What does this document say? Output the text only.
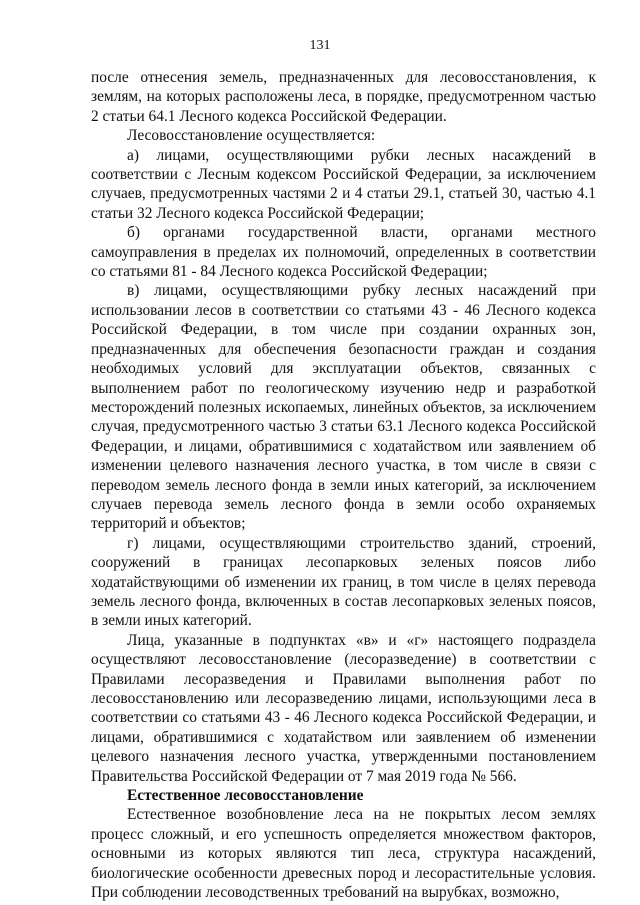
131

после отнесения земель, предназначенных для лесовосстановления, к землям, на которых расположены леса, в порядке, предусмотренном частью 2 статьи 64.1 Лесного кодекса Российской Федерации.

Лесовосстановление осуществляется:

а) лицами, осуществляющими рубки лесных насаждений в соответствии с Лесным кодексом Российской Федерации, за исключением случаев, предусмотренных частями 2 и 4 статьи 29.1, статьей 30, частью 4.1 статьи 32 Лесного кодекса Российской Федерации;

б) органами государственной власти, органами местного самоуправления в пределах их полномочий, определенных в соответствии со статьями 81 - 84 Лесного кодекса Российской Федерации;

в) лицами, осуществляющими рубку лесных насаждений при использовании лесов в соответствии со статьями 43 - 46 Лесного кодекса Российской Федерации, в том числе при создании охранных зон, предназначенных для обеспечения безопасности граждан и создания необходимых условий для эксплуатации объектов, связанных с выполнением работ по геологическому изучению недр и разработкой месторождений полезных ископаемых, линейных объектов, за исключением случая, предусмотренного частью 3 статьи 63.1 Лесного кодекса Российской Федерации, и лицами, обратившимися с ходатайством или заявлением об изменении целевого назначения лесного участка, в том числе в связи с переводом земель лесного фонда в земли иных категорий, за исключением случаев перевода земель лесного фонда в земли особо охраняемых территорий и объектов;

г) лицами, осуществляющими строительство зданий, строений, сооружений в границах лесопарковых зеленых поясов либо ходатайствующими об изменении их границ, в том числе в целях перевода земель лесного фонда, включенных в состав лесопарковых зеленых поясов, в земли иных категорий.

Лица, указанные в подпунктах «в» и «г» настоящего подраздела осуществляют лесовосстановление (лесоразведение) в соответствии с Правилами лесоразведения и Правилами выполнения работ по лесовосстановлению или лесоразведению лицами, использующими леса в соответствии со статьями 43 - 46 Лесного кодекса Российской Федерации, и лицами, обратившимися с ходатайством или заявлением об изменении целевого назначения лесного участка, утвержденными постановлением Правительства Российской Федерации от 7 мая 2019 года № 566.

Естественное лесовосстановление

Естественное возобновление леса на не покрытых лесом землях процесс сложный, и его успешность определяется множеством факторов, основными из которых являются тип леса, структура насаждений, биологические особенности древесных пород и лесорастительные условия. При соблюдении лесоводственных требований на вырубках, возможно,
